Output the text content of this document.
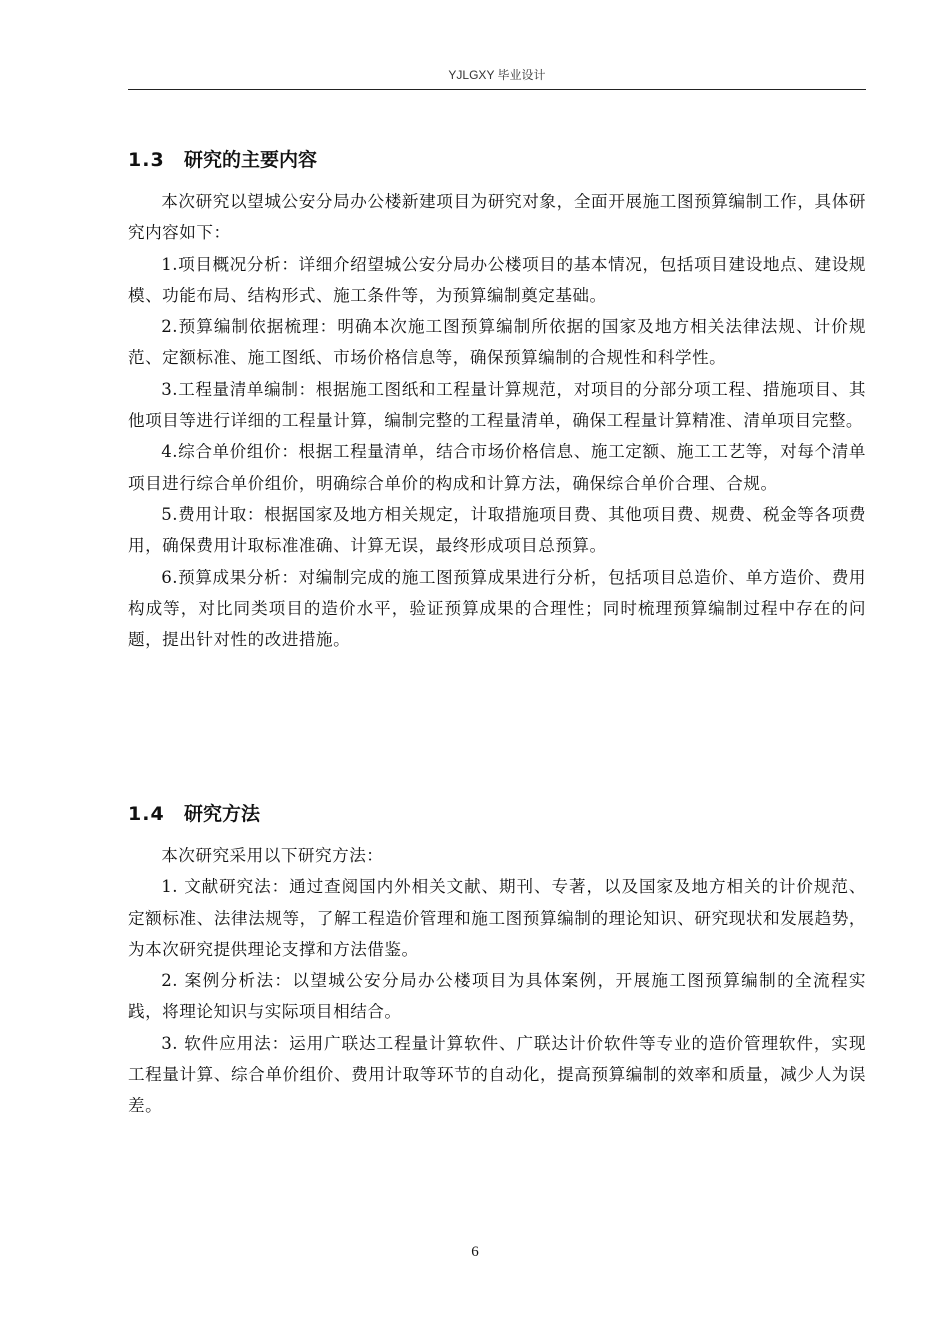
YJLGXY 毕业设计
1.3 研究的主要内容

本次研究以望城公安分局办公楼新建项目为研究对象，全面开展施工图预算编制工作，具体研究内容如下：

1.项目概况分析：详细介绍望城公安分局办公楼项目的基本情况，包括项目建设地点、建设规模、功能布局、结构形式、施工条件等，为预算编制奠定基础。

2.预算编制依据梳理：明确本次施工图预算编制所依据的国家及地方相关法律法规、计价规范、定额标准、施工图纸、市场价格信息等，确保预算编制的合规性和科学性。

3.工程量清单编制：根据施工图纸和工程量计算规范，对项目的分部分项工程、措施项目、其他项目等进行详细的工程量计算，编制完整的工程量清单，确保工程量计算精准、清单项目完整。

4.综合单价组价：根据工程量清单，结合市场价格信息、施工定额、施工工艺等，对每个清单项目进行综合单价组价，明确综合单价的构成和计算方法，确保综合单价合理、合规。

5.费用计取：根据国家及地方相关规定，计取措施项目费、其他项目费、规费、税金等各项费用，确保费用计取标准准确、计算无误，最终形成项目总预算。

6.预算成果分析：对编制完成的施工图预算成果进行分析，包括项目总造价、单方造价、费用构成等，对比同类项目的造价水平，验证预算成果的合理性；同时梳理预算编制过程中存在的问题，提出针对性的改进措施。

1.4 研究方法

本次研究采用以下研究方法：

1. 文献研究法：通过查阅国内外相关文献、期刊、专著，以及国家及地方相关的计价规范、定额标准、法律法规等，了解工程造价管理和施工图预算编制的理论知识、研究现状和发展趋势，为本次研究提供理论支撑和方法借鉴。

2. 案例分析法：以望城公安分局办公楼项目为具体案例，开展施工图预算编制的全流程实践，将理论知识与实际项目相结合。

3. 软件应用法：运用广联达工程量计算软件、广联达计价软件等专业的造价管理软件，实现工程量计算、综合单价组价、费用计取等环节的自动化，提高预算编制的效率和质量，减少人为误差。

6
